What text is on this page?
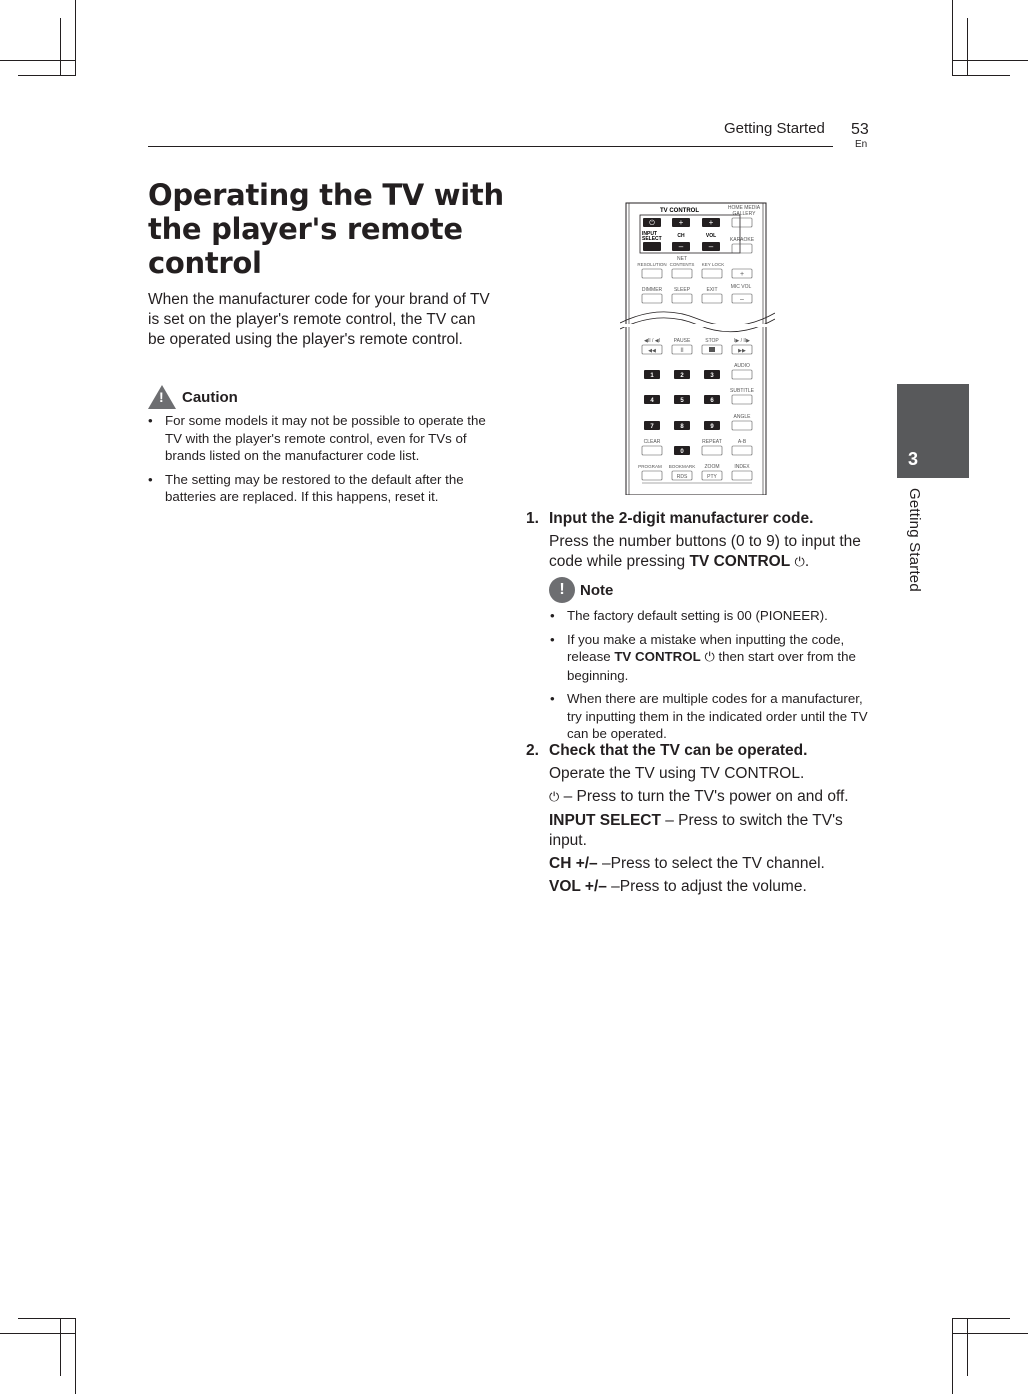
Getting Started 53
En
3
Getting Started
Operating the TV with the player's remote control
When the manufacturer code for your brand of TV is set on the player's remote control, the TV can be operated using the player's remote control.
! Caution
• For some models it may not be possible to operate the TV with the player's remote control, even for TVs of brands listed on the manufacturer code list.
• The setting may be restored to the default after the batteries are replaced. If this happens, reset it.
TV CONTROL	HOME MEDIA
GALLERY
⏻	+	+
INPUT
SELECT	CH	VOL
–	–
KARAOKE
NET
RESOLUTION CONTENTS KEY LOCK
+
DIMMER SLEEP	EXIT	MIC VOL
–
◀II / ◀I	PAUSE	STOP	I▶ / II▶
◀◀	II	▶▶
AUDIO
SUBTITLE
ANGLE
1	2	3
4	5	6
7	8	9
CLEAR	REPEAT	A-B
0
PROGRAM BOOKMARK ZOOM	INDEX
RDS	PTY
1. Input the 2-digit manufacturer code.

Press the number buttons (0 to 9) to input the code while pressing TV CONTROL ⏻.

!	Note
• The factory default setting is 00 (PIONEER).
• If you make a mistake when inputting the code, release TV CONTROL ⏻ then start over from the beginning.
• When there are multiple codes for a manufacturer, try inputting them in the indicated order until the TV can be operated.
2. Check that the TV can be operated.

Operate the TV using TV CONTROL.

⏻ – Press to turn the TV's power on and off.

INPUT SELECT – Press to switch the TV's input.

CH +/– –Press to select the TV channel.

VOL +/– –Press to adjust the volume.
